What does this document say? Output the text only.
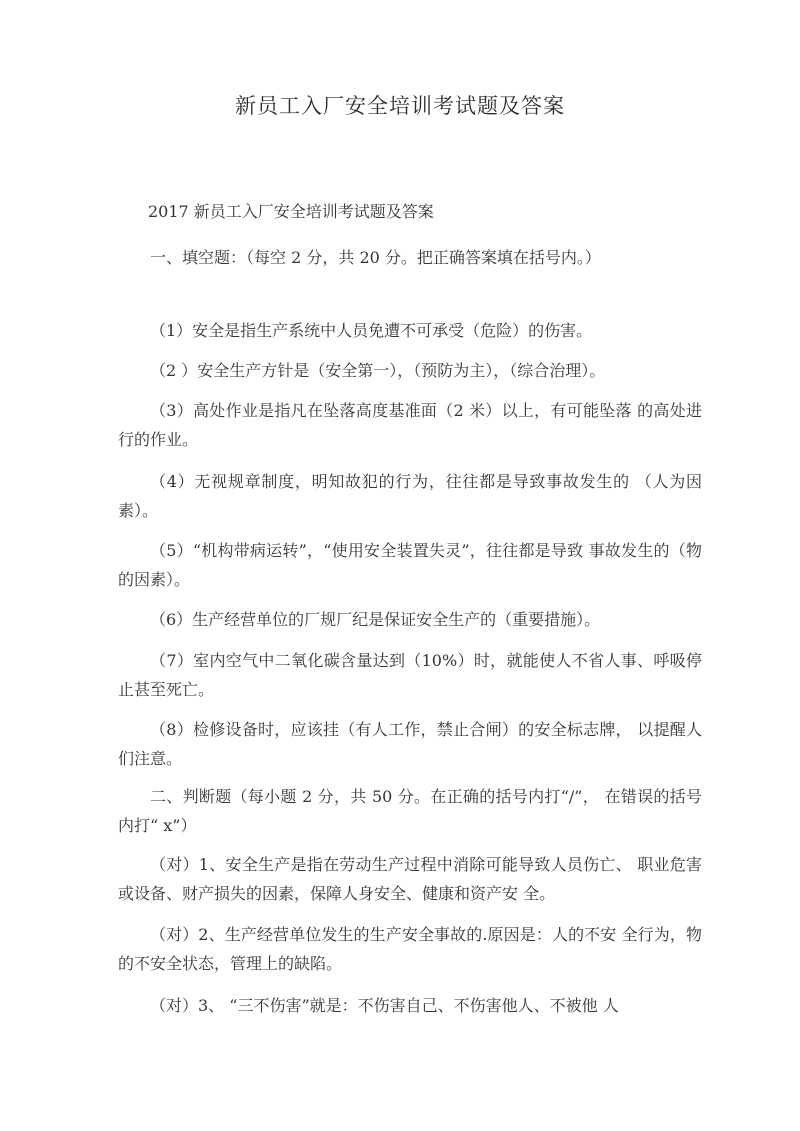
新员工入厂安全培训考试题及答案
2017 新员工入厂安全培训考试题及答案
一、填空题：（每空 2 分，共 20 分。把正确答案填在括号内。）
（1）安全是指生产系统中人员免遭不可承受（危险）的伤害。
（2 ）安全生产方针是（安全第一），（预防为主），（综合治理）。
（3）高处作业是指凡在坠落高度基准面（2 米）以上，有可能坠落 的高处进行的作业。
（4）无视规章制度，明知故犯的行为，往往都是导致事故发生的 （人为因素）。
（5）“机构带病运转”，“使用安全装置失灵”，往往都是导致 事故发生的（物的因素）。
（6）生产经营单位的厂规厂纪是保证安全生产的（重要措施）。
（7）室内空气中二氧化碳含量达到（10%）时，就能使人不省人事、呼吸停止甚至死亡。
（8）检修设备时，应该挂（有人工作，禁止合闸）的安全标志牌， 以提醒人们注意。
二、判断题（每小题 2 分，共 50 分。在正确的括号内打“/”， 在错误的括号内打“ x”）
（对）1、安全生产是指在劳动生产过程中消除可能导致人员伤亡、 职业危害或设备、财产损失的因素，保障人身安全、健康和资产安 全。
（对）2、生产经营单位发生的生产安全事故的.原因是：人的不安 全行为，物的不安全状态，管理上的缺陷。
（对）3、 “三不伤害”就是：不伤害自己、不伤害他人、不被他 人
